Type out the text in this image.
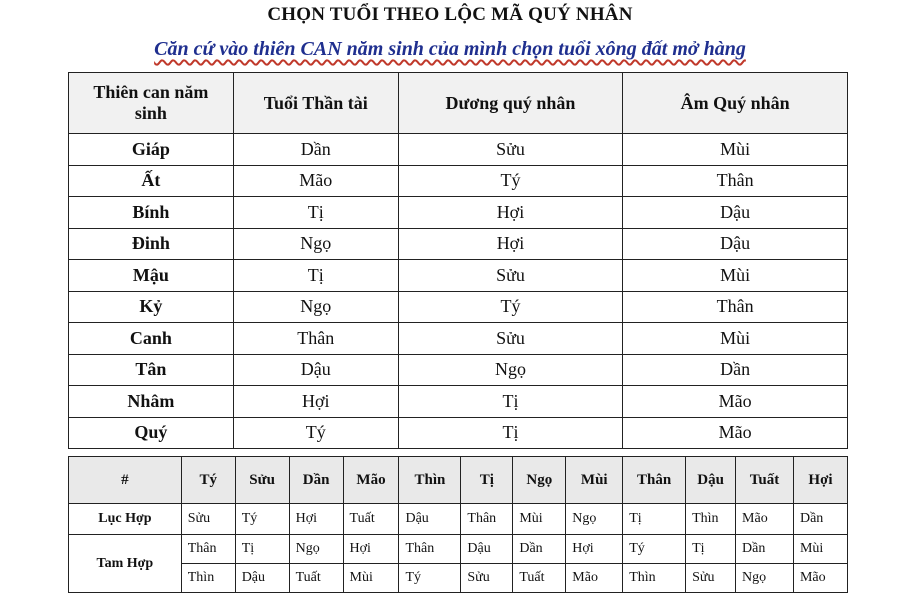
CHỌN TUỔI THEO LỘC MÃ QUÝ NHÂN
Căn cứ vào thiên CAN năm sinh của mình chọn tuổi xông đất mở hàng
Thiên can năm sinh	Tuổi Thần tài	Dương quý nhân	Âm Quý nhân
Giáp	Dần	Sửu	Mùi
Ất	Mão	Tý	Thân
Bính	Tị	Hợi	Dậu
Đinh	Ngọ	Hợi	Dậu
Mậu	Tị	Sửu	Mùi
Kỷ	Ngọ	Tý	Thân
Canh	Thân	Sửu	Mùi
Tân	Dậu	Ngọ	Dần
Nhâm	Hợi	Tị	Mão
Quý	Tý	Tị	Mão
#	Tý	Sửu	Dần	Mão	Thìn	Tị	Ngọ	Mùi	Thân	Dậu	Tuất	Hợi
Lục Hợp	Sửu	Tý	Hợi	Tuất	Dậu	Thân	Mùi	Ngọ	Tị	Thìn	Mão	Dần
Tam Hợp	Thân	Tị	Ngọ	Hợi	Thân	Dậu	Dần	Hợi	Tý	Tị	Dần	Mùi
	Thìn	Dậu	Tuất	Mùi	Tý	Sửu	Tuất	Mão	Thìn	Sửu	Ngọ	Mão
